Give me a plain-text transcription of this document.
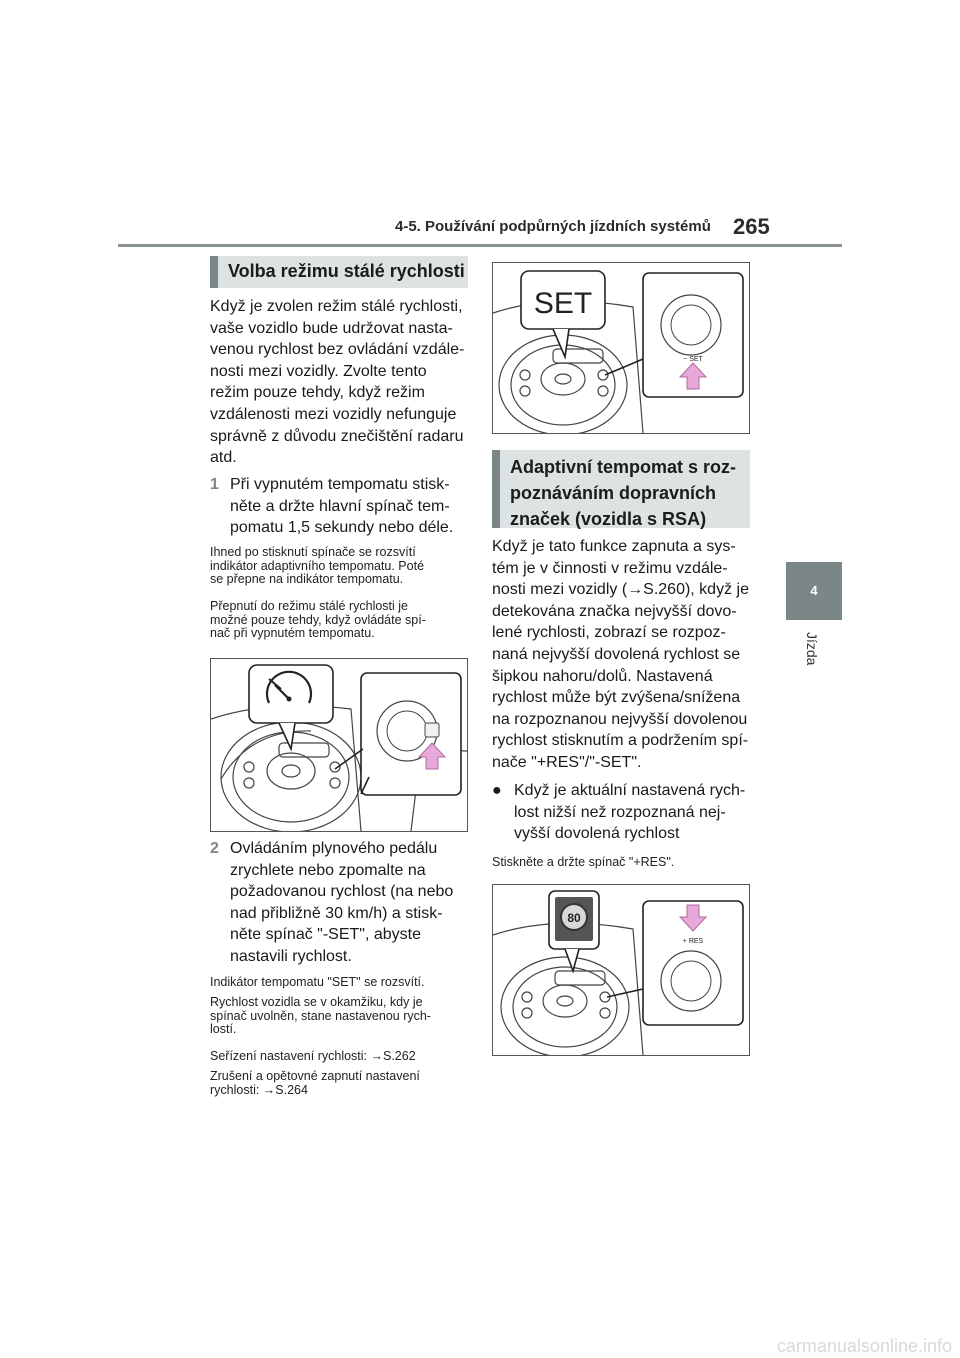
4-5. Používání podpůrných jízdních systémů 265
4
Jízda
Volba režimu stálé rychlosti
Když je zvolen režim stálé rychlosti,
vaše vozidlo bude udržovat nasta-
venou rychlost bez ovládání vzdále-
nosti mezi vozidly. Zvolte tento
režim pouze tehdy, když režim
vzdálenosti mezi vozidly nefunguje
správně z důvodu znečištění radaru
atd.
1 Při vypnutém tempomatu stisk-
něte a držte hlavní spínač tem-
pomatu 1,5 sekundy nebo déle.
Ihned po stisknutí spínače se rozsvítí
indikátor adaptivního tempomatu. Poté
se přepne na indikátor tempomatu.
Přepnutí do režimu stálé rychlosti je
možné pouze tehdy, když ovládáte spí-
nač při vypnutém tempomatu.
2 Ovládáním plynového pedálu
zrychlete nebo zpomalte na
požadovanou rychlost (na nebo
nad přibližně 30 km/h) a stisk-
něte spínač "-SET", abyste
nastavili rychlost.
Indikátor tempomatu "SET" se rozsvítí.
Rychlost vozidla se v okamžiku, kdy je
spínač uvolněn, stane nastavenou rych-
lostí.
Seřízení nastavení rychlosti: →S.262
Zrušení a opětovné zapnutí nastavení
rychlosti: →S.264
SET
− SET
Adaptivní tempomat s roz-
poznáváním dopravních
značek (vozidla s RSA)
Když je tato funkce zapnuta a sys-
tém je v činnosti v režimu vzdále-
nosti mezi vozidly (→S.260), když je
detekována značka nejvyšší dovo-
lené rychlosti, zobrazí se rozpoz-
naná nejvyšší dovolená rychlost se
šipkou nahoru/dolů. Nastavená
rychlost může být zvýšena/snížena
na rozpoznanou nejvyšší dovolenou
rychlost stisknutím a podržením spí-
nače "+RES"/"-SET".
● Když je aktuální nastavená rych-
lost nižší než rozpoznaná nej-
vyšší dovolená rychlost
Stiskněte a držte spínač "+RES".
80
+ RES
carmanualsonline.info
